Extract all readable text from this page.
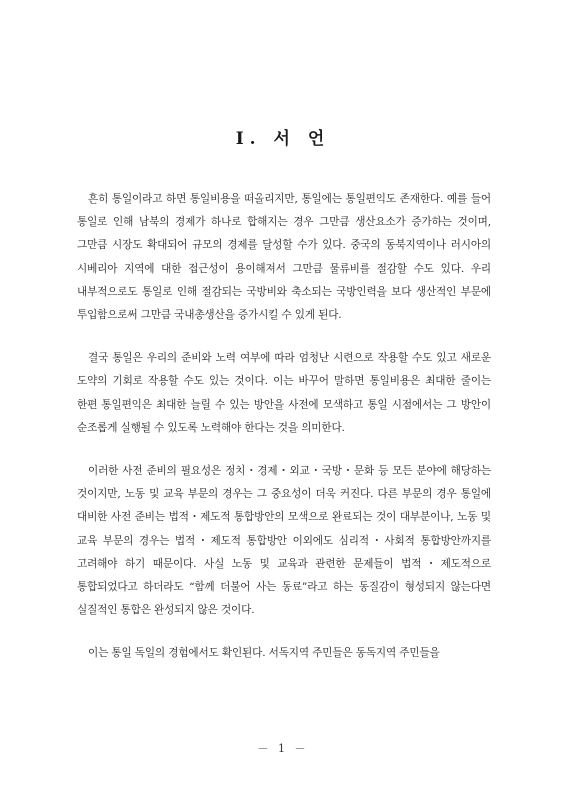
I. 서 언

흔히 통일이라고 하면 통일비용을 떠올리지만, 통일에는 통일편익도 존재한다. 예를 들어 통일로 인해 남북의 경제가 하나로 합해지는 경우 그만큼 생산요소가 증가하는 것이며, 그만큼 시장도 확대되어 규모의 경제를 달성할 수가 있다. 중국의 동북지역이나 러시아의 시베리아 지역에 대한 접근성이 용이해져서 그만큼 물류비를 절감할 수도 있다. 우리 내부적으로도 통일로 인해 절감되는 국방비와 축소되는 국방인력을 보다 생산적인 부문에 투입함으로써 그만큼 국내총생산을 증가시킬 수 있게 된다.

결국 통일은 우리의 준비와 노력 여부에 따라 엄청난 시련으로 작용할 수도 있고 새로운 도약의 기회로 작용할 수도 있는 것이다. 이는 바꾸어 말하면 통일비용은 최대한 줄이는 한편 통일편익은 최대한 늘릴 수 있는 방안을 사전에 모색하고 통일 시점에서는 그 방안이 순조롭게 실행될 수 있도록 노력해야 한다는 것을 의미한다.

이러한 사전 준비의 필요성은 정치・경제・외교・국방・문화 등 모든 분야에 해당하는 것이지만, 노동 및 교육 부문의 경우는 그 중요성이 더욱 커진다. 다른 부문의 경우 통일에 대비한 사전 준비는 법적・제도적 통합방안의 모색으로 완료되는 것이 대부분이나, 노동 및 교육 부문의 경우는 법적・제도적 통합방안 이외에도 심리적・사회적 통합방안까지를 고려해야 하기 때문이다. 사실 노동 및 교육과 관련한 문제들이 법적・제도적으로 통합되었다고 하더라도 “함께 더불어 사는 동료”라고 하는 동질감이 형성되지 않는다면 실질적인 통합은 완성되지 않은 것이다.

이는 통일 독일의 경험에서도 확인된다. 서독지역 주민들은 동독지역 주민들을

－ 1 －
